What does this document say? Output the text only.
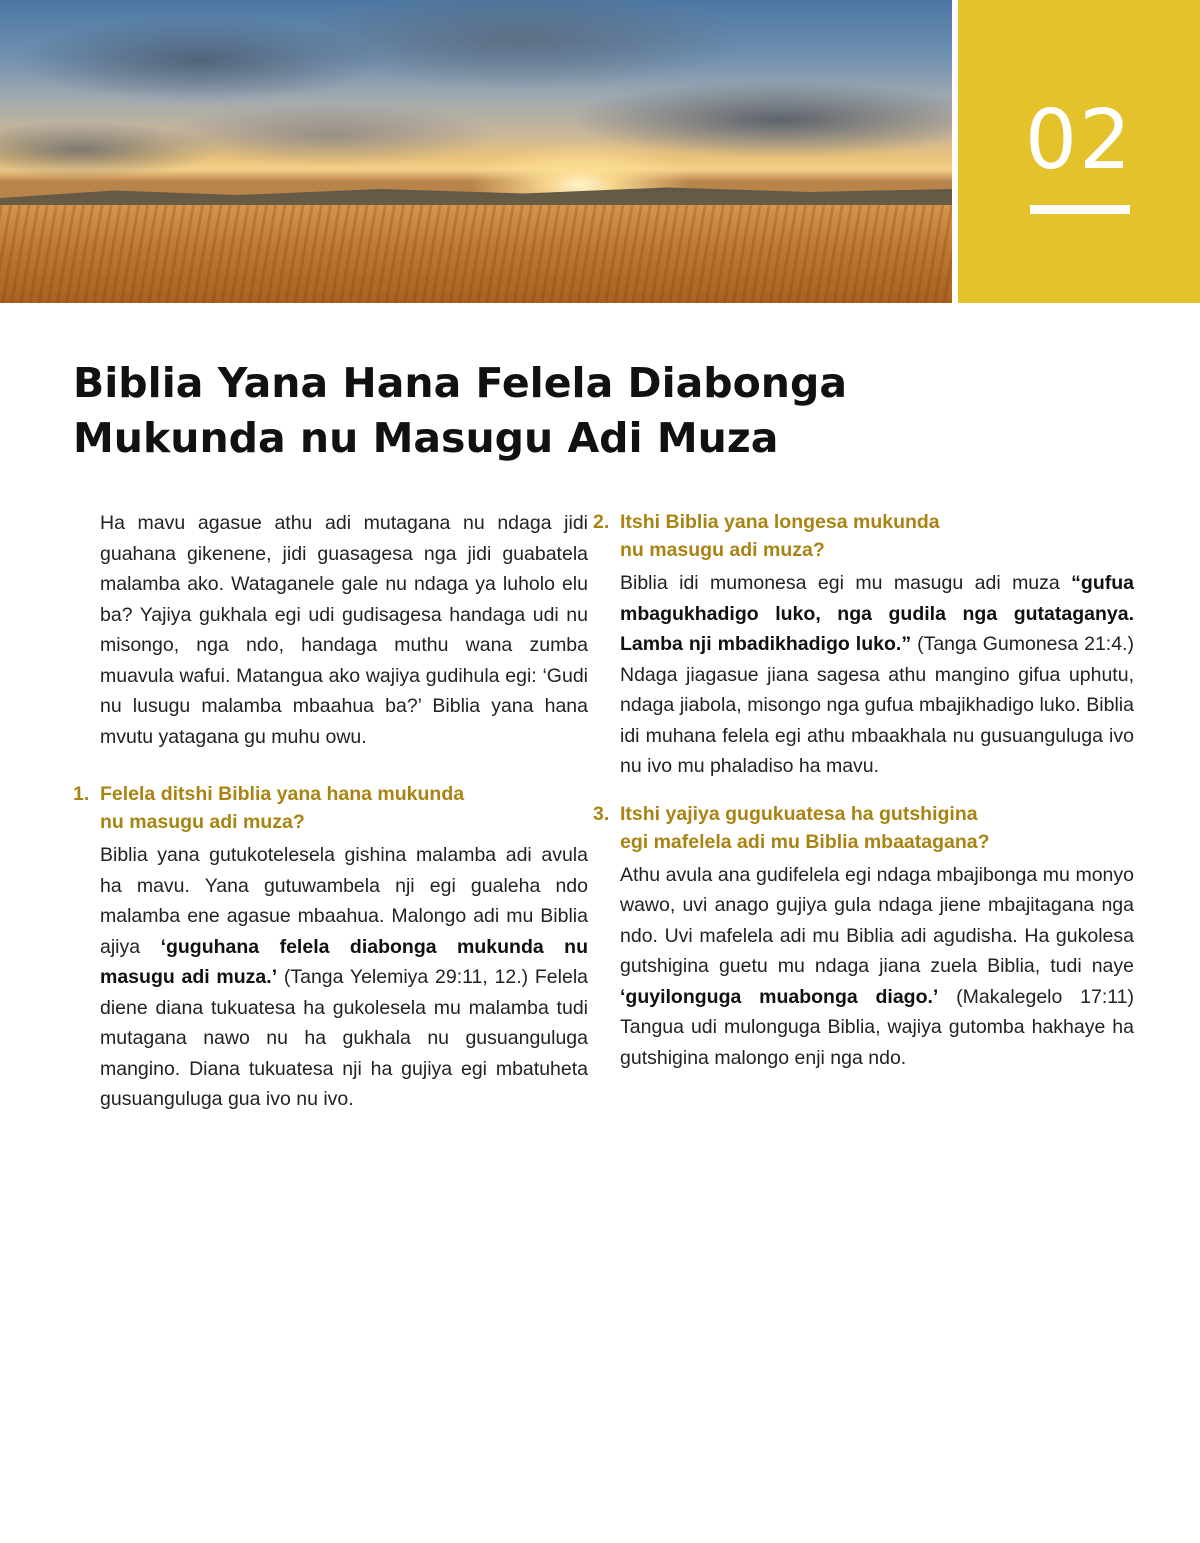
02
Biblia Yana Hana Felela Diabonga
Mukunda nu Masugu Adi Muza

Ha mavu agasue athu adi mutagana nu ndaga jidi guahana gikenene, jidi guasagesa nga jidi guabatela malamba ako. Wataganele gale nu ndaga ya luholo elu ba? Yajiya gukhala egi udi gudisagesa handaga udi nu misongo, nga ndo, handaga muthu wana zumba muavula wafui. Matangua ako wajiya gudihula egi: ‘Gudi nu lusugu malamba mbaahua ba?’ Biblia yana hana mvutu yatagana gu muhu owu.

1. Felela ditshi Biblia yana hana mukunda
nu masugu adi muza?

Biblia yana gutukotelesela gishina malamba adi avula ha mavu. Yana gutuwambela nji egi gualeha ndo malamba ene agasue mbaahua. Malongo adi mu Biblia ajiya ‘guguhana felela diabonga mukunda nu masugu adi muza.’ (Tanga Yelemiya 29:11, 12.) Felela diene diana tukuatesa ha gukolesela mu malamba tudi mutagana nawo nu ha gukhala nu gusuanguluga mangino. Diana tukuatesa nji ha gujiya egi mbatuheta gusuanguluga gua ivo nu ivo.

2. Itshi Biblia yana longesa mukunda
nu masugu adi muza?

Biblia idi mumonesa egi mu masugu adi muza “gufua mbagukhadigo luko, nga gudila nga gutataganya. Lamba nji mbadikhadigo luko.” (Tanga Gumonesa 21:4.) Ndaga jiagasue jiana sagesa athu mangino gifua uphutu, ndaga jiabola, misongo nga gufua mbajikhadigo luko. Biblia idi muhana felela egi athu mbaakhala nu gusuanguluga ivo nu ivo mu phaladiso ha mavu.

3. Itshi yajiya gugukuatesa ha gutshigina
egi mafelela adi mu Biblia mbaatagana?

Athu avula ana gudifelela egi ndaga mbajibonga mu monyo wawo, uvi anago gujiya gula ndaga jiene mbajitagana nga ndo. Uvi mafelela adi mu Biblia adi agudisha. Ha gukolesa gutshigina guetu mu ndaga jiana zuela Biblia, tudi naye ‘guyilonguga muabonga diago.’ (Makalegelo 17:11) Tangua udi mulonguga Biblia, wajiya gutomba hakhaye ha gutshigina malongo enji nga ndo.
